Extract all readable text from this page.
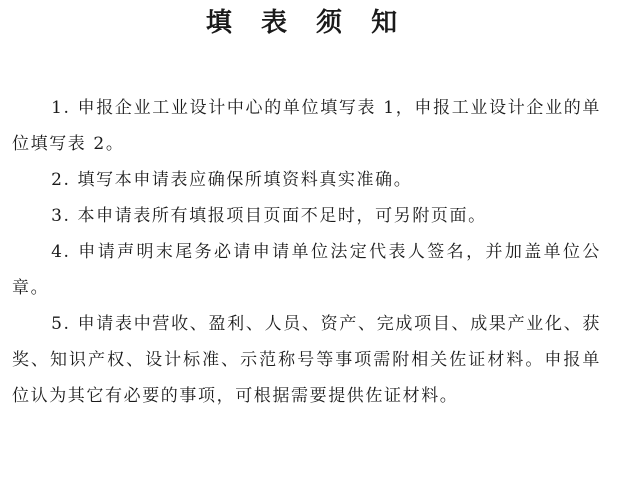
填 表 须 知

1. 申报企业工业设计中心的单位填写表 1，申报工业设计企业的单位填写表 2。

2. 填写本申请表应确保所填资料真实准确。

3. 本申请表所有填报项目页面不足时，可另附页面。

4. 申请声明末尾务必请申请单位法定代表人签名，并加盖单位公章。

5. 申请表中营收、盈利、人员、资产、完成项目、成果产业化、获奖、知识产权、设计标准、示范称号等事项需附相关佐证材料。申报单位认为其它有必要的事项，可根据需要提供佐证材料。
